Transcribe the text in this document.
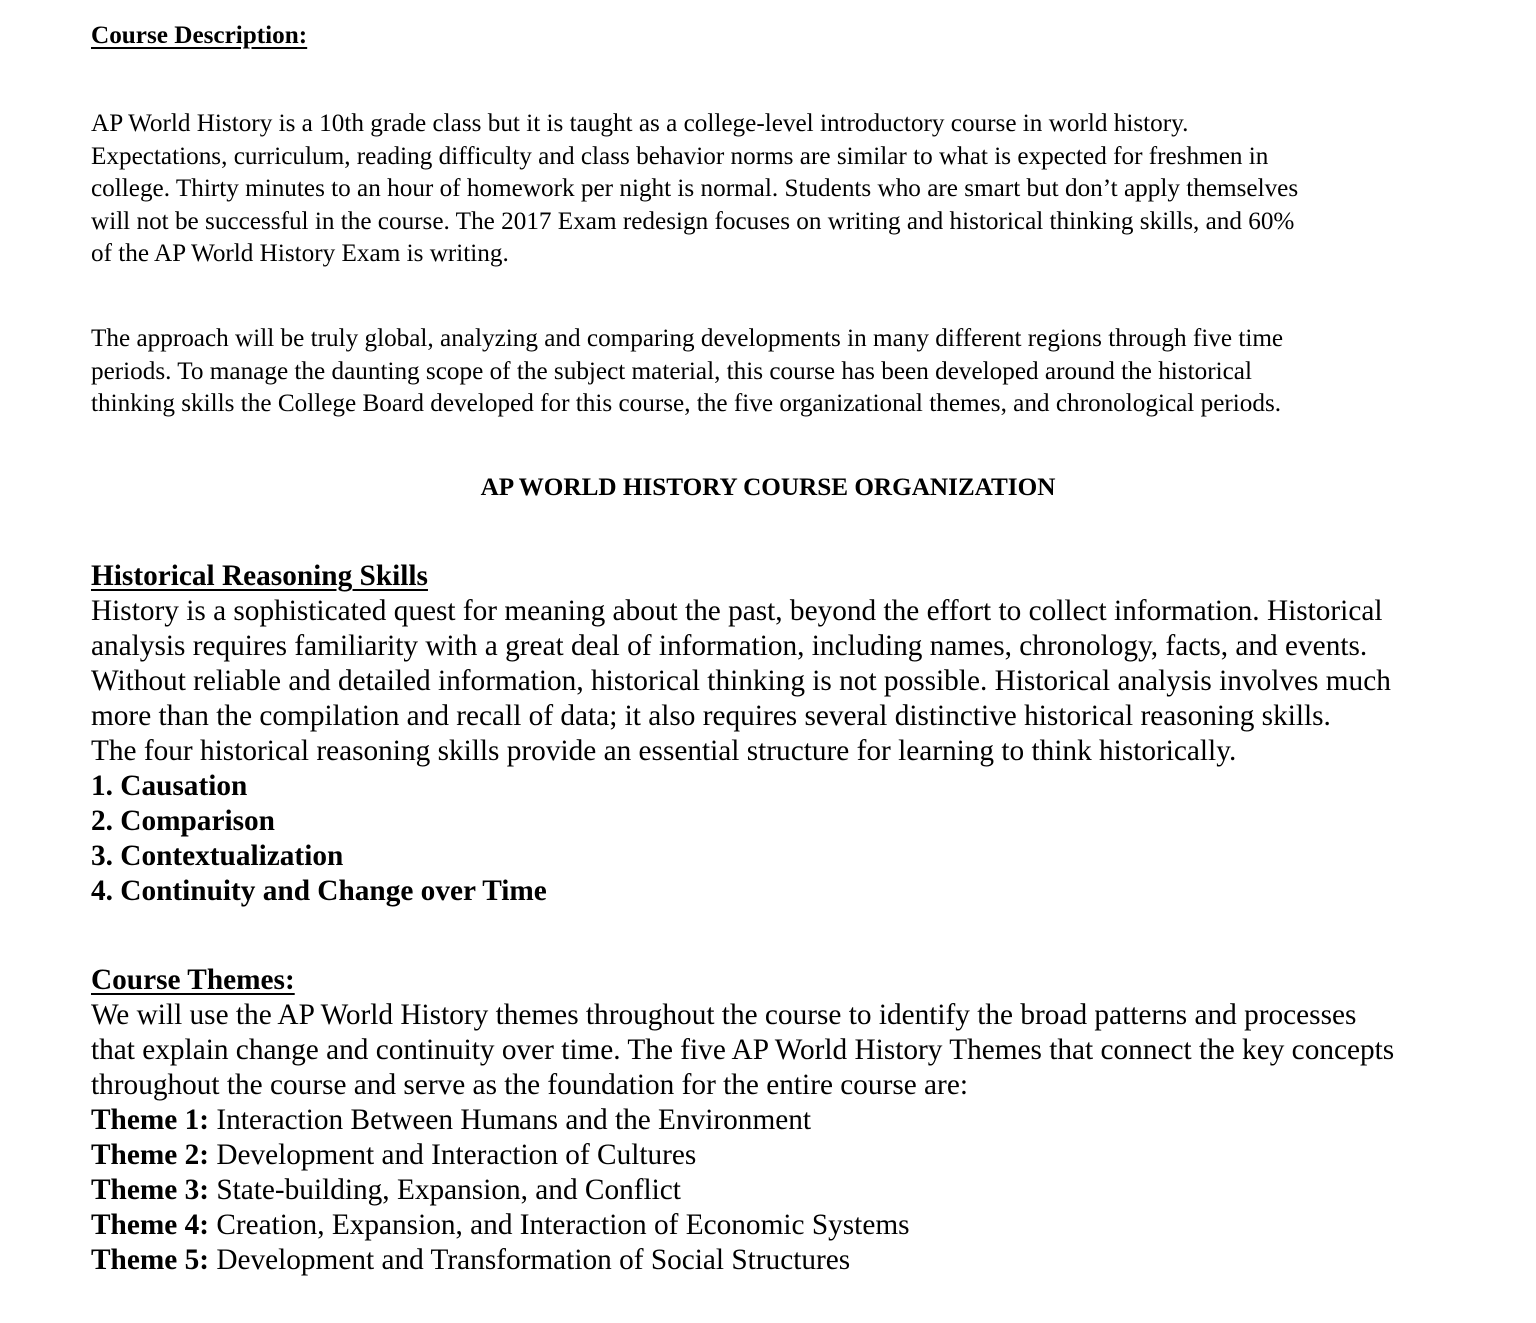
Course Description:
AP World History is a 10th grade class but it is taught as a college-level introductory course in world history.
Expectations, curriculum, reading difficulty and class behavior norms are similar to what is expected for freshmen in
college. Thirty minutes to an hour of homework per night is normal. Students who are smart but don’t apply themselves
will not be successful in the course. The 2017 Exam redesign focuses on writing and historical thinking skills, and 60%
of the AP World History Exam is writing.
The approach will be truly global, analyzing and comparing developments in many different regions through five time
periods. To manage the daunting scope of the subject material, this course has been developed around the historical
thinking skills the College Board developed for this course, the five organizational themes, and chronological periods.
AP WORLD HISTORY COURSE ORGANIZATION
Historical Reasoning Skills
History is a sophisticated quest for meaning about the past, beyond the effort to collect information. Historical
analysis requires familiarity with a great deal of information, including names, chronology, facts, and events.
Without reliable and detailed information, historical thinking is not possible. Historical analysis involves much
more than the compilation and recall of data; it also requires several distinctive historical reasoning skills.
The four historical reasoning skills provide an essential structure for learning to think historically.
1. Causation
2. Comparison
3. Contextualization
4. Continuity and Change over Time
Course Themes:
We will use the AP World History themes throughout the course to identify the broad patterns and processes
that explain change and continuity over time. The five AP World History Themes that connect the key concepts
throughout the course and serve as the foundation for the entire course are:
Theme 1: Interaction Between Humans and the Environment
Theme 2: Development and Interaction of Cultures
Theme 3: State-building, Expansion, and Conflict
Theme 4: Creation, Expansion, and Interaction of Economic Systems
Theme 5: Development and Transformation of Social Structures
